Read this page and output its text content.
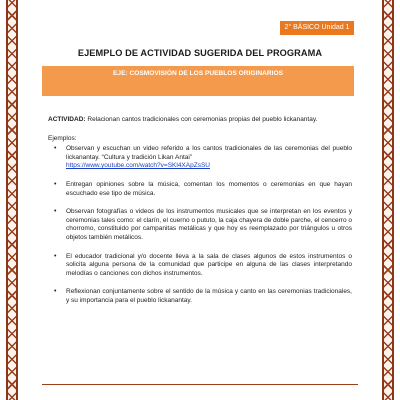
2° BÁSICO Unidad 1
EJEMPLO DE ACTIVIDAD SUGERIDA DEL PROGRAMA
EJE: COSMOVISIÓN DE LOS PUEBLOS ORIGINARIOS
ACTIVIDAD: Relacionan cantos tradicionales con ceremonias propias del pueblo lickanantay.
Ejemplos:
• Observan y escuchan un video referido a los cantos tradicionales de las ceremonias del pueblo lickanantay. “Cultura y tradición Likan Antai”
https://www.youtube.com/watch?v=SKl4XApZsSU
• Entregan opiniones sobre la música, comentan los momentos o ceremonias en que hayan escuchado ese tipo de música.
• Observan fotografías o videos de los instrumentos musicales que se interpretan en los eventos y ceremonias tales como: el clarín, el cuerno o pututo, la caja chayera de doble parche, el cencerro o chorromo, constituido por campanitas metálicas y que hoy es reemplazado por triángulos u otros objetos también metálicos.
• El educador tradicional y/o docente lleva a la sala de clases algunos de estos instrumentos o solicita alguna persona de la comunidad que participe en alguna de las clases interpretando melodías o canciones con dichos instrumentos.
• Reflexionan conjuntamente sobre el sentido de la música y canto en las ceremonias tradicionales, y su importancia para el pueblo lickanantay.
